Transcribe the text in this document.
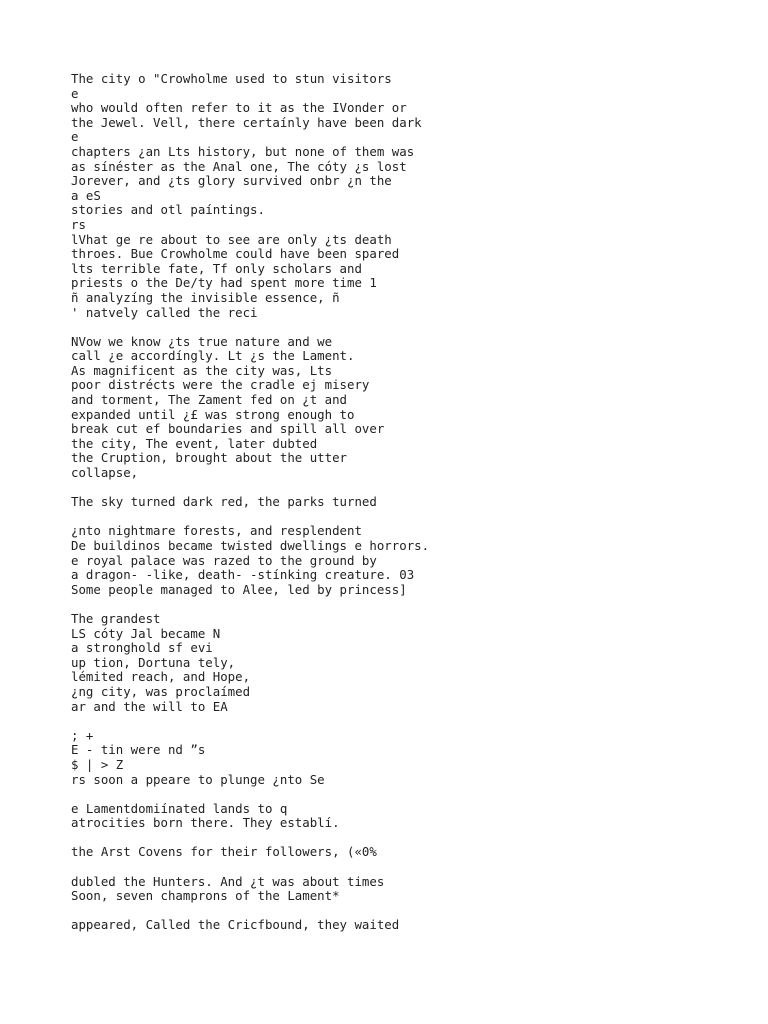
The city o "Crowholme used to stun visitors

e

who would often refer to it as the IVonder or

the Jewel. Vell, there certaínly have been dark

e

chapters ¿an Lts history, but none of them was

as sínéster as the Anal one, The cóty ¿s lost

Jorever, and ¿ts glory survived onbr ¿n the

a eS

stories and otl paíntings.

rs

lVhat ge re about to see are only ¿ts death

throes. Bue Crowholme could have been spared

lts terrible fate, Tf only scholars and

priests o the De/ty had spent more time 1

ñ analyzíng the invisible essence, ñ

' natvely called the reci

NVow we know ¿ts true nature and we

call ¿e accordíngly. Lt ¿s the Lament.

As magnificent as the city was, Lts

poor distrécts were the cradle ej misery

and torment, The Zament fed on ¿t and

expanded until ¿£ was strong enough to

break cut ef boundaries and spill all over

the city, The event, later dubted

the Cruption, brought about the utter

collapse,

The sky turned dark red, the parks turned

¿nto nightmare forests, and resplendent

De buildinos became twisted dwellings e horrors.

e royal palace was razed to the ground by

a dragon- -like, death- -stínking creature. 03

Some people managed to Alee, led by princess]

The grandest

LS cóty Jal became N

a stronghold sf evi

up tion, Dortuna tely,

lémited reach, and Hope,

¿ng city, was proclaímed

ar and the will to EA

; +

E - tin were nd ”s

$ | > Z

rs soon a ppeare to plunge ¿nto Se

e Lamentdomiínated lands to q

atrocities born there. They establí.

the Arst Covens for their followers, («0%

dubled the Hunters. And ¿t was about times

Soon, seven champrons of the Lament*

appeared, Called the Cricfbound, they waited
